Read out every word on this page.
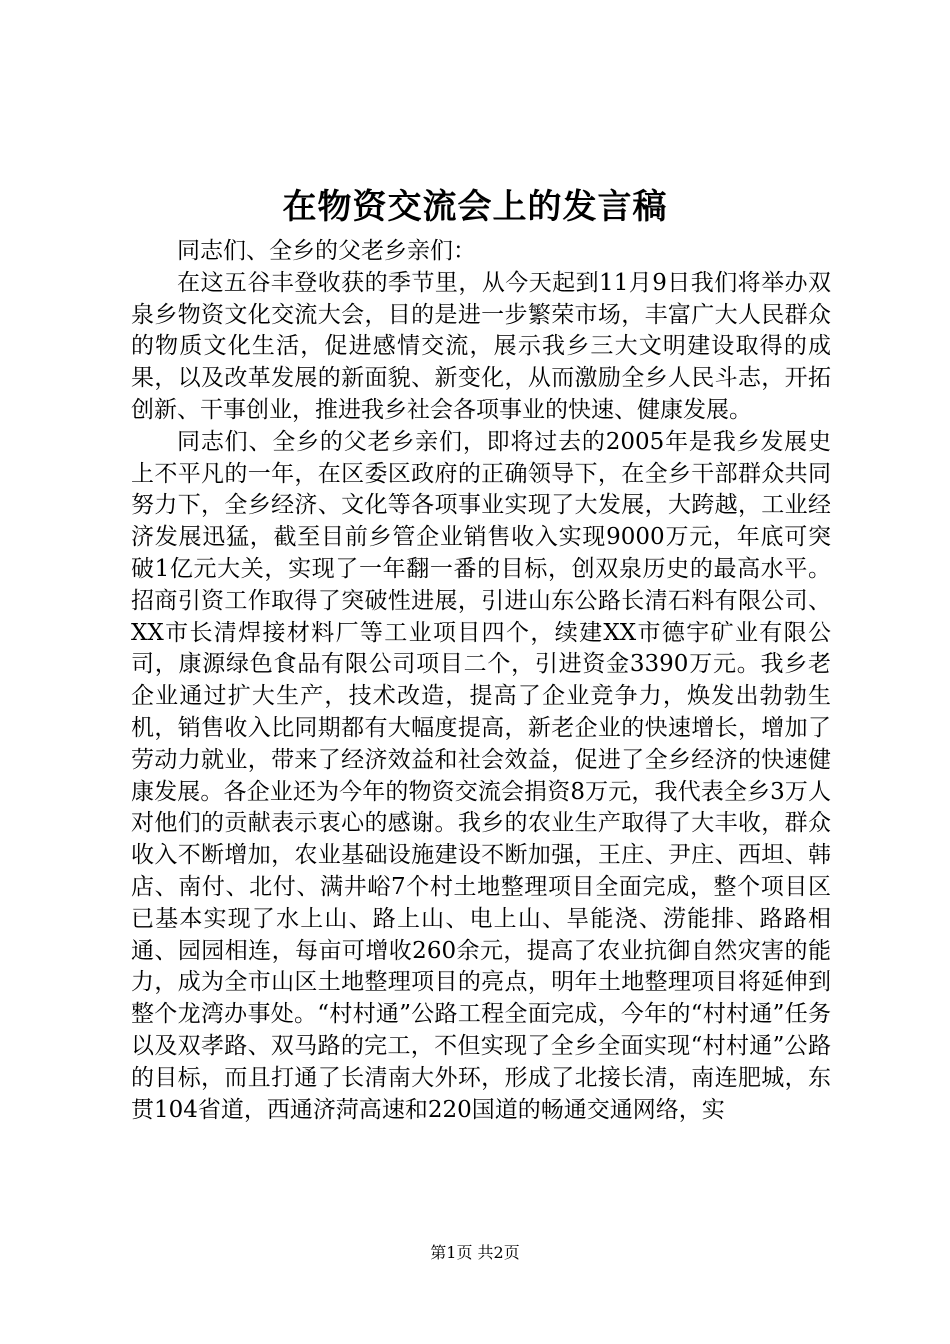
在物资交流会上的发言稿

同志们、全乡的父老乡亲们：

在这五谷丰登收获的季节里，从今天起到11月9日我们将举办双泉乡物资文化交流大会，目的是进一步繁荣市场，丰富广大人民群众的物质文化生活，促进感情交流，展示我乡三大文明建设取得的成果，以及改革发展的新面貌、新变化，从而激励全乡人民斗志，开拓创新、干事创业，推进我乡社会各项事业的快速、健康发展。

同志们、全乡的父老乡亲们，即将过去的2005年是我乡发展史上不平凡的一年，在区委区政府的正确领导下，在全乡干部群众共同努力下，全乡经济、文化等各项事业实现了大发展，大跨越，工业经济发展迅猛，截至目前乡管企业销售收入实现9000万元，年底可突破1亿元大关，实现了一年翻一番的目标，创双泉历史的最高水平。招商引资工作取得了突破性进展，引进山东公路长清石料有限公司、XX市长清焊接材料厂等工业项目四个，续建XX市德宇矿业有限公司，康源绿色食品有限公司项目二个，引进资金3390万元。我乡老企业通过扩大生产，技术改造，提高了企业竞争力，焕发出勃勃生机，销售收入比同期都有大幅度提高，新老企业的快速增长，增加了劳动力就业，带来了经济效益和社会效益，促进了全乡经济的快速健康发展。各企业还为今年的物资交流会捐资8万元，我代表全乡3万人对他们的贡献表示衷心的感谢。我乡的农业生产取得了大丰收，群众收入不断增加，农业基础设施建设不断加强，王庄、尹庄、西坦、韩店、南付、北付、满井峪7个村土地整理项目全面完成，整个项目区已基本实现了水上山、路上山、电上山、旱能浇、涝能排、路路相通、园园相连，每亩可增收260余元，提高了农业抗御自然灾害的能力，成为全市山区土地整理项目的亮点，明年土地整理项目将延伸到整个龙湾办事处。“村村通”公路工程全面完成，今年的“村村通”任务以及双孝路、双马路的完工，不但实现了全乡全面实现“村村通”公路的目标，而且打通了长清南大外环，形成了北接长清，南连肥城，东贯104省道，西通济菏高速和220国道的畅通交通网络，实

第1页 共2页
